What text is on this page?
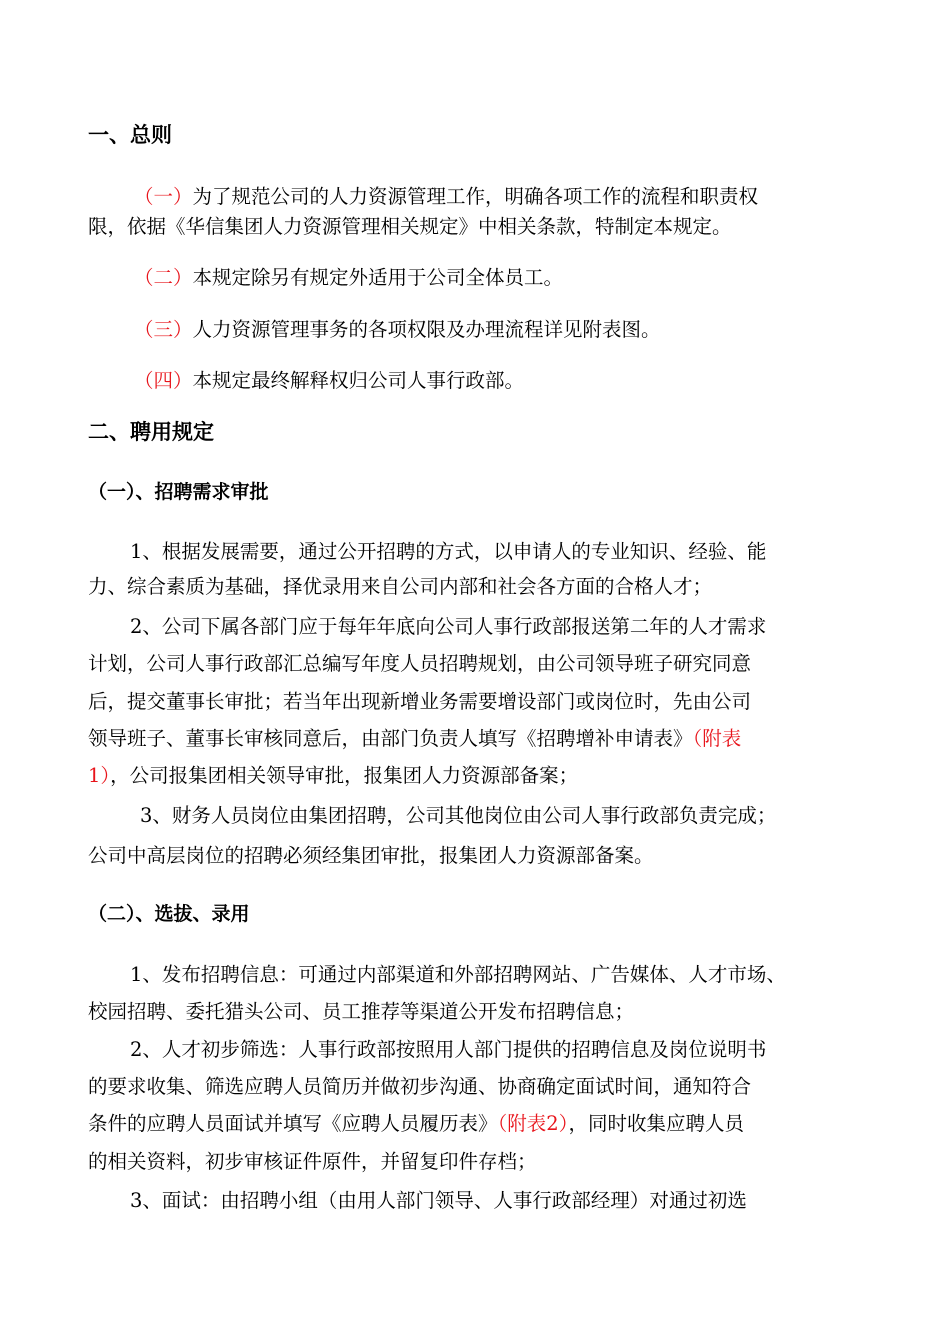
一、总则
（一）为了规范公司的人力资源管理工作，明确各项工作的流程和职责权
限，依据《华信集团人力资源管理相关规定》中相关条款，特制定本规定。
（二）本规定除另有规定外适用于公司全体员工。
（三）人力资源管理事务的各项权限及办理流程详见附表图。
（四）本规定最终解释权归公司人事行政部。
二、聘用规定
（一）、招聘需求审批
1、根据发展需要，通过公开招聘的方式，以申请人的专业知识、经验、能
力、综合素质为基础，择优录用来自公司内部和社会各方面的合格人才；
2、公司下属各部门应于每年年底向公司人事行政部报送第二年的人才需求
计划，公司人事行政部汇总编写年度人员招聘规划，由公司领导班子研究同意
后，提交董事长审批；若当年出现新增业务需要增设部门或岗位时，先由公司
领导班子、董事长审核同意后，由部门负责人填写《招聘增补申请表》（附表
1），公司报集团相关领导审批，报集团人力资源部备案；
3、财务人员岗位由集团招聘，公司其他岗位由公司人事行政部负责完成；
公司中高层岗位的招聘必须经集团审批，报集团人力资源部备案。
（二）、选拔、录用
1、发布招聘信息：可通过内部渠道和外部招聘网站、广告媒体、人才市场、
校园招聘、委托猎头公司、员工推荐等渠道公开发布招聘信息；
2、人才初步筛选：人事行政部按照用人部门提供的招聘信息及岗位说明书
的要求收集、筛选应聘人员简历并做初步沟通、协商确定面试时间，通知符合
条件的应聘人员面试并填写《应聘人员履历表》（附表2），同时收集应聘人员
的相关资料，初步审核证件原件，并留复印件存档；
3、面试：由招聘小组（由用人部门领导、人事行政部经理）对通过初选
